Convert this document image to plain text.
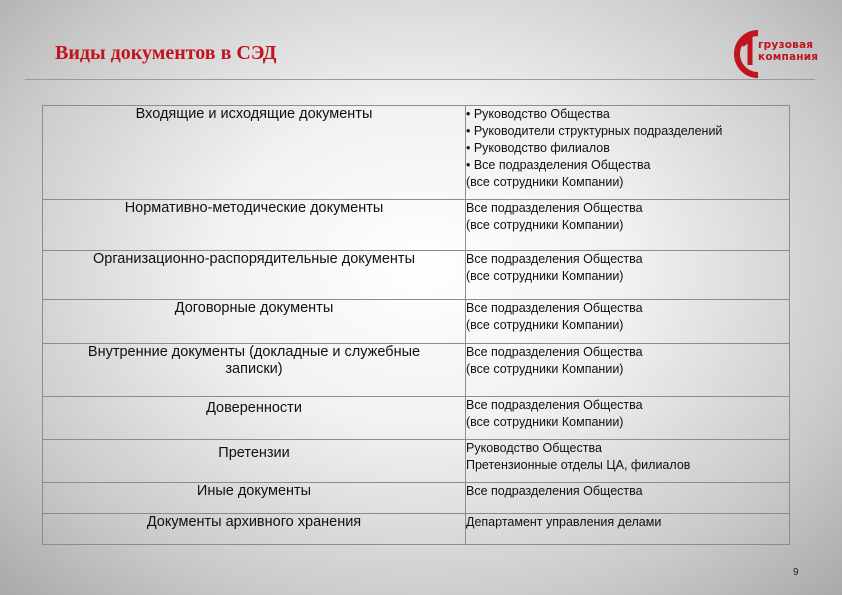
Виды документов в СЭД	грузовая
компания
Входящие и исходящие документы	• Руководство Общества
• Руководители структурных подразделений
• Руководство филиалов
• Все подразделения Общества
(все сотрудники Компании)

Нормативно-методические документы	Все подразделения Общества
(все сотрудники Компании)

Организационно-распорядительные документы	Все подразделения Общества
(все сотрудники Компании)

Договорные документы	Все подразделения Общества
(все сотрудники Компании)

Внутренние документы (докладные и служебные записки)	Все подразделения Общества
(все сотрудники Компании)

Доверенности	Все подразделения Общества
(все сотрудники Компании)

Претензии	Руководство Общества
Претензионные отделы ЦА, филиалов

Иные документы	Все подразделения Общества

Документы архивного хранения	Департамент управления делами
9
